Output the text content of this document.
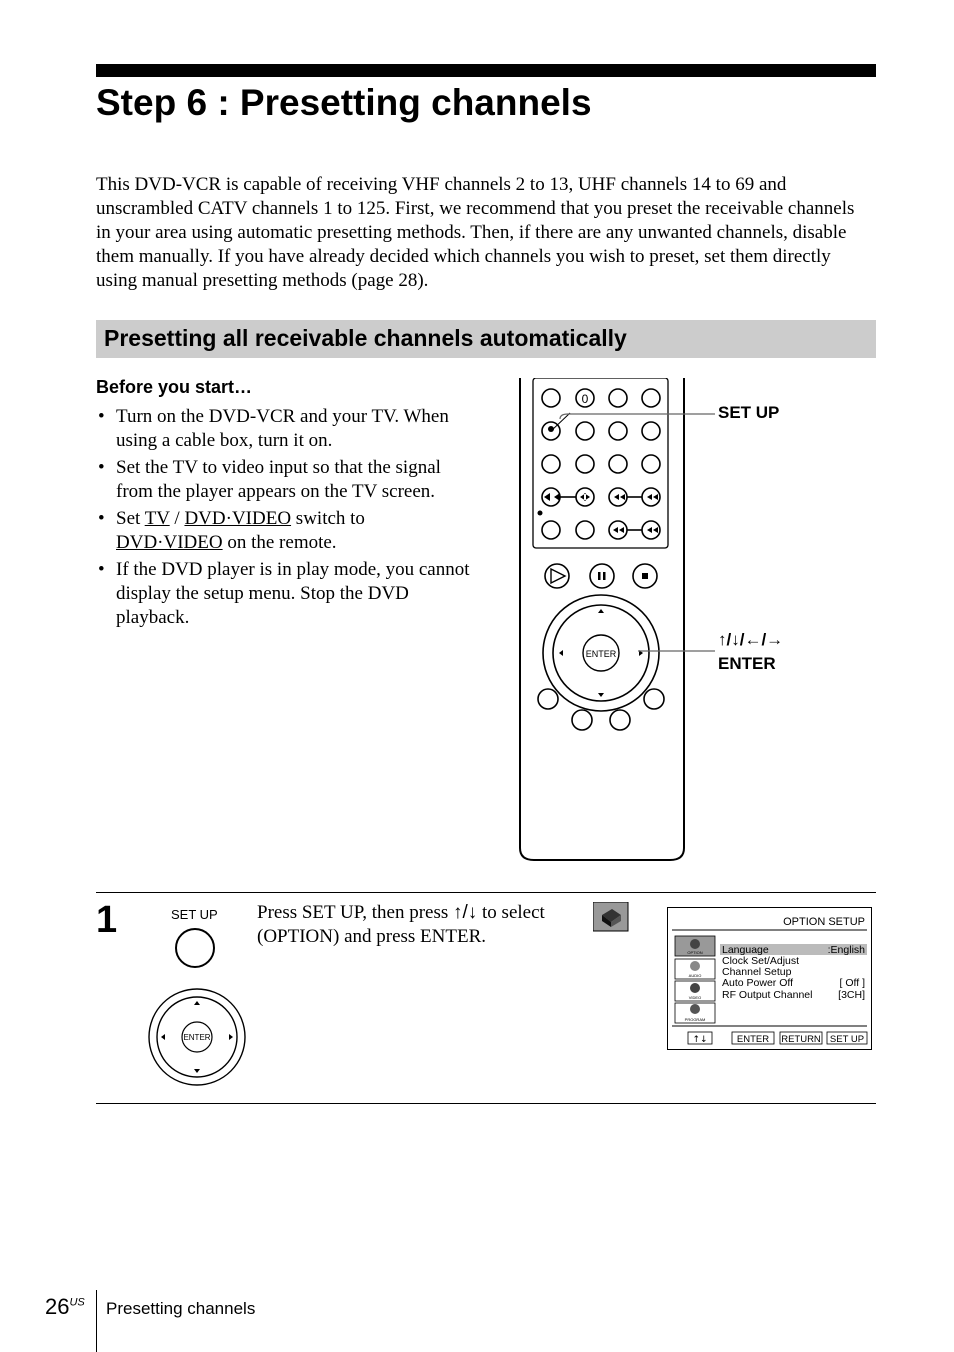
Step 6 : Presetting channels
This DVD-VCR is capable of receiving VHF channels 2 to 13, UHF channels 14 to 69 and unscrambled CATV channels 1 to 125. First, we recommend that you preset the receivable channels in your area using automatic presetting methods. Then, if there are any unwanted channels, disable them manually. If you have already decided which channels you wish to preset, set them directly using manual presetting methods (page 28).
Presetting all receivable channels automatically
Before you start…
• Turn on the DVD-VCR and your TV. When using a cable box, turn it on.
• Set the TV to video input so that the signal from the player appears on the TV screen.
• Set TV / DVD·VIDEO switch to DVD·VIDEO on the remote.
• If the DVD player is in play mode, you cannot display the setup menu. Stop the DVD playback.
0
ENTER
SET UP
↑/↓/←/→
ENTER
1	SET UP
ENTER
Press SET UP, then press ↑/↓ to select
(OPTION) and press ENTER.
OPTION SETUP
OPTION
AUDIO
VIDEO
PROGRAM
Language	:English
Clock Set/Adjust
Channel Setup
Auto Power Off	[ Off ]
RF Output Channel [3CH]
↑↓	ENTER RETURN SET UP
$26^{US}$ Presetting channels
